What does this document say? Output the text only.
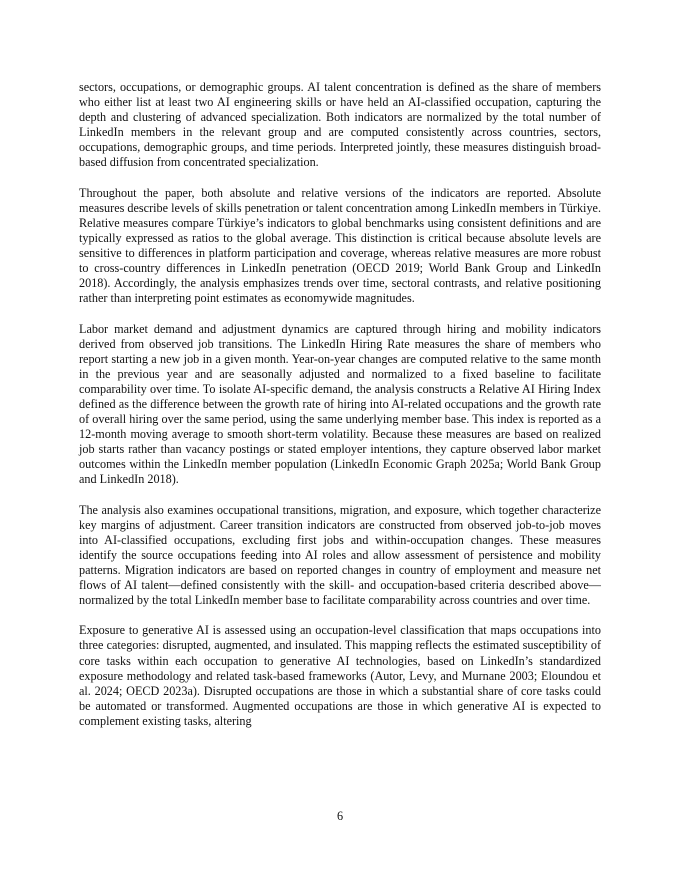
sectors, occupations, or demographic groups. AI talent concentration is defined as the share of members who either list at least two AI engineering skills or have held an AI-classified occupation, capturing the depth and clustering of advanced specialization. Both indicators are normalized by the total number of LinkedIn members in the relevant group and are computed consistently across countries, sectors, occupations, demographic groups, and time periods. Interpreted jointly, these measures distinguish broad-based diffusion from concentrated specialization.

Throughout the paper, both absolute and relative versions of the indicators are reported. Absolute measures describe levels of skills penetration or talent concentration among LinkedIn members in Türkiye. Relative measures compare Türkiye’s indicators to global benchmarks using consistent definitions and are typically expressed as ratios to the global average. This distinction is critical because absolute levels are sensitive to differences in platform participation and coverage, whereas relative measures are more robust to cross-country differences in LinkedIn penetration (OECD 2019; World Bank Group and LinkedIn 2018). Accordingly, the analysis emphasizes trends over time, sectoral contrasts, and relative positioning rather than interpreting point estimates as economywide magnitudes.

Labor market demand and adjustment dynamics are captured through hiring and mobility indicators derived from observed job transitions. The LinkedIn Hiring Rate measures the share of members who report starting a new job in a given month. Year-on-year changes are computed relative to the same month in the previous year and are seasonally adjusted and normalized to a fixed baseline to facilitate comparability over time. To isolate AI-specific demand, the analysis constructs a Relative AI Hiring Index defined as the difference between the growth rate of hiring into AI-related occupations and the growth rate of overall hiring over the same period, using the same underlying member base. This index is reported as a 12-month moving average to smooth short-term volatility. Because these measures are based on realized job starts rather than vacancy postings or stated employer intentions, they capture observed labor market outcomes within the LinkedIn member population (LinkedIn Economic Graph 2025a; World Bank Group and LinkedIn 2018).

The analysis also examines occupational transitions, migration, and exposure, which together characterize key margins of adjustment. Career transition indicators are constructed from observed job-to-job moves into AI-classified occupations, excluding first jobs and within-occupation changes. These measures identify the source occupations feeding into AI roles and allow assessment of persistence and mobility patterns. Migration indicators are based on reported changes in country of employment and measure net flows of AI talent—defined consistently with the skill- and occupation-based criteria described above—normalized by the total LinkedIn member base to facilitate comparability across countries and over time.

Exposure to generative AI is assessed using an occupation-level classification that maps occupations into three categories: disrupted, augmented, and insulated. This mapping reflects the estimated susceptibility of core tasks within each occupation to generative AI technologies, based on LinkedIn’s standardized exposure methodology and related task-based frameworks (Autor, Levy, and Murnane 2003; Eloundou et al. 2024; OECD 2023a). Disrupted occupations are those in which a substantial share of core tasks could be automated or transformed. Augmented occupations are those in which generative AI is expected to complement existing tasks, altering

6
